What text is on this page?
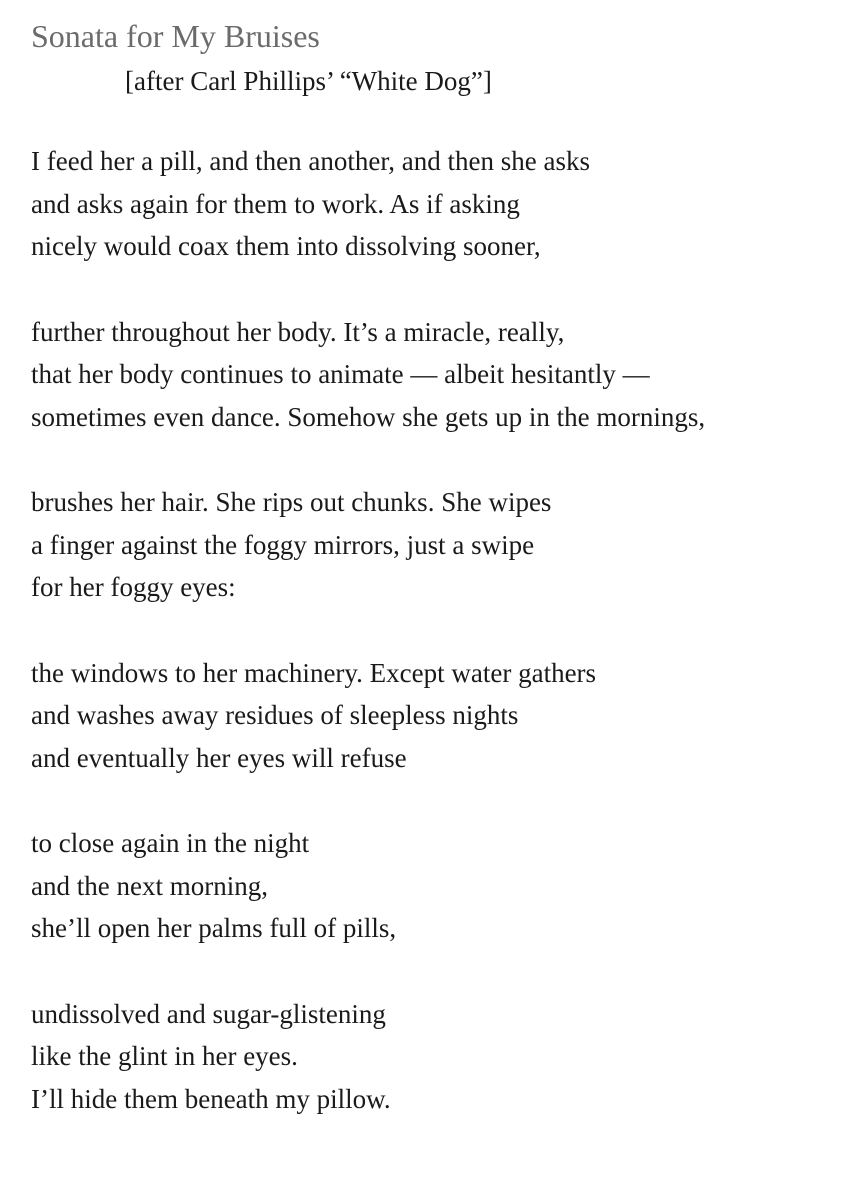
Sonata for My Bruises

[after Carl Phillips’ “White Dog”]

I feed her a pill, and then another, and then she asks
and asks again for them to work. As if asking
nicely would coax them into dissolving sooner,
further throughout her body. It’s a miracle, really,
that her body continues to animate — albeit hesitantly —
sometimes even dance. Somehow she gets up in the mornings,
brushes her hair. She rips out chunks. She wipes
a finger against the foggy mirrors, just a swipe
for her foggy eyes:
the windows to her machinery. Except water gathers
and washes away residues of sleepless nights
and eventually her eyes will refuse
to close again in the night
and the next morning,
she’ll open her palms full of pills,
undissolved and sugar-glistening
like the glint in her eyes.
I’ll hide them beneath my pillow.
